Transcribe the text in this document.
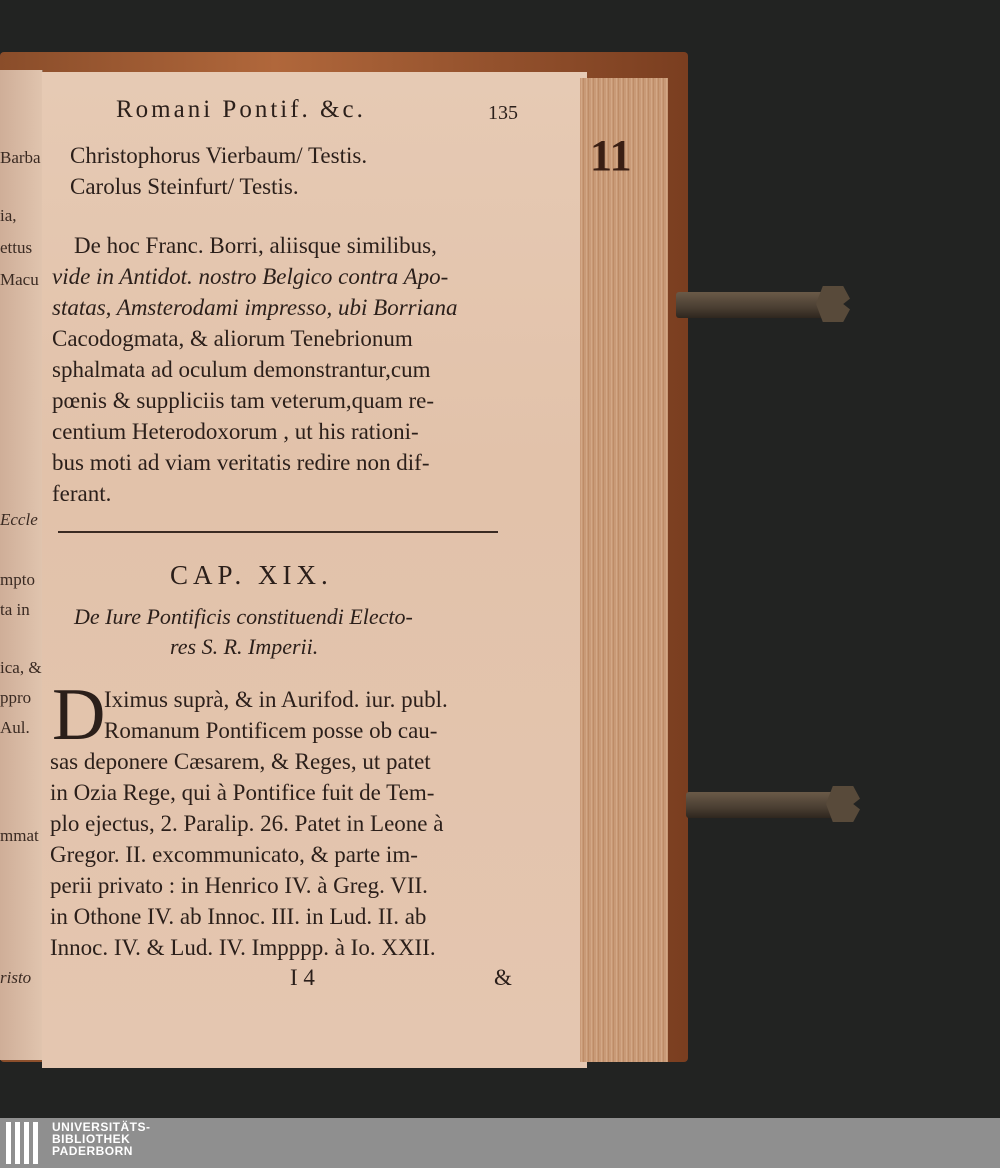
Barba
ia,
ettus
Macu
Eccle
mpto
ta in
ica, &
ppro
Aul.
mmat
risto
11
Romani Pontif. &c.	135
Christophorus Vierbaum/ Testis.
Carolus Steinfurt/ Testis.
De hoc Franc. Borri, aliisque similibus,
vide in Antidot. nostro Belgico contra Apo-
statas, Amsterodami impresso, ubi Borriana
Cacodogmata, & aliorum Tenebrionum
sphalmata ad oculum demonstrantur,cum
pœnis & suppliciis tam veterum,quam re-
centium Heterodoxorum , ut his rationi-
bus moti ad viam veritatis redire non dif-
ferant.
CAP. XIX.
De Iure Pontificis constituendi Electo-
res S. R. Imperii.
D
Iximus suprà, & in Aurifod. iur. publ.
Romanum Pontificem posse ob cau-
sas deponere Cæsarem, & Reges, ut patet
in Ozia Rege, qui à Pontifice fuit de Tem-
plo ejectus, 2. Paralip. 26. Patet in Leone à
Gregor. II. excommunicato, & parte im-
perii privato : in Henrico IV. à Greg. VII.
in Othone IV. ab Innoc. III. in Lud. II. ab
Innoc. IV. & Lud. IV. Impppp. à Io. XXII.
I 4	&
UNIVERSITÄTS-
BIBLIOTHEK
PADERBORN
